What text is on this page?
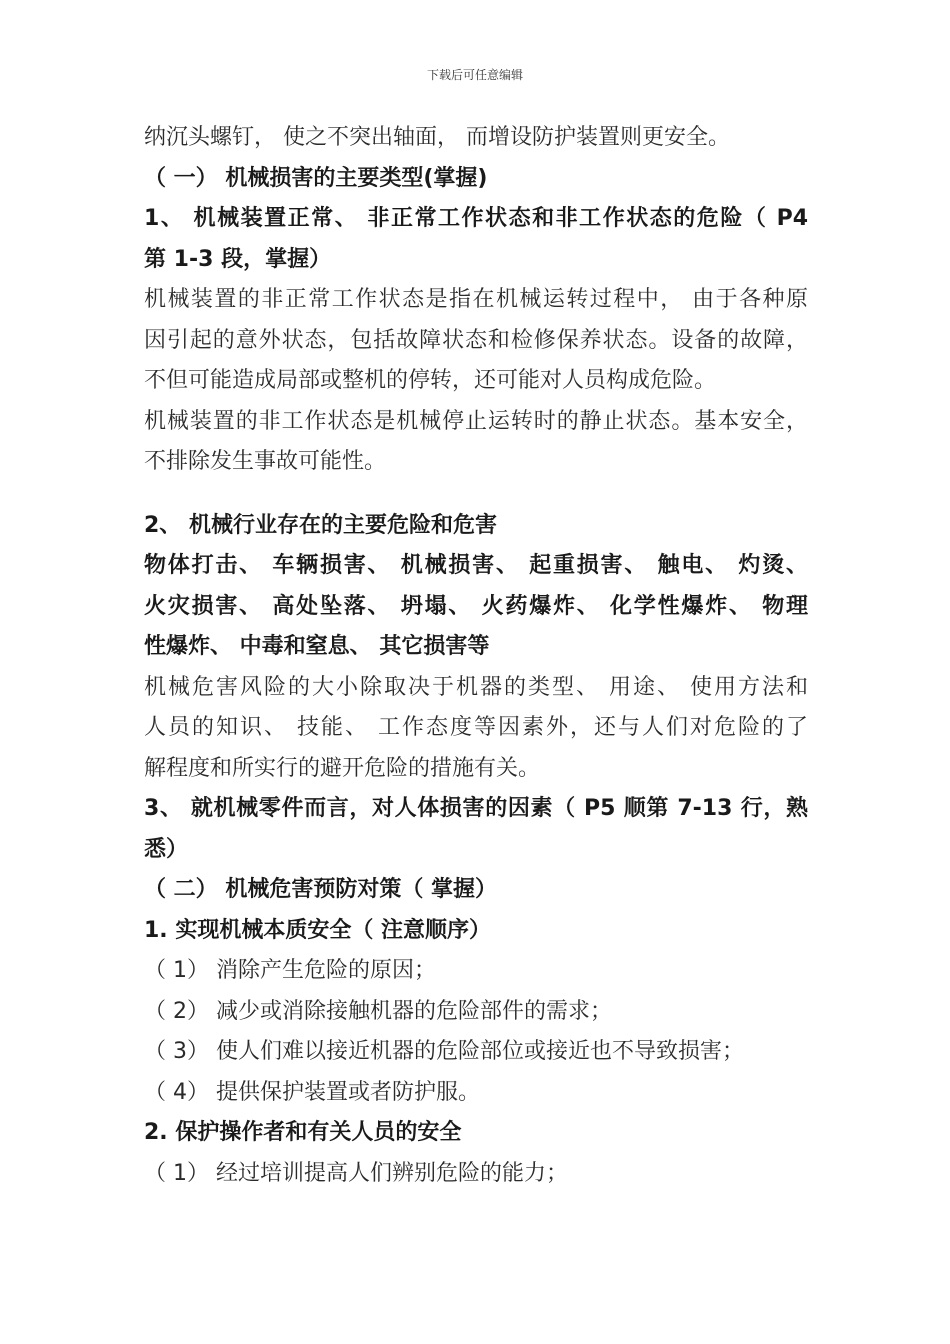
下载后可任意编辑
纳沉头螺钉， 使之不突出轴面， 而增设防护装置则更安全。
（ 一） 机械损害的主要类型(掌握)
1、 机械装置正常、 非正常工作状态和非工作状态的危险（ P4
第 1-3 段，掌握）
机械装置的非正常工作状态是指在机械运转过程中， 由于各种原
因引起的意外状态，包括故障状态和检修保养状态。设备的故障，
不但可能造成局部或整机的停转，还可能对人员构成危险。
机械装置的非工作状态是机械停止运转时的静止状态。基本安全，
不排除发生事故可能性。
2、 机械行业存在的主要危险和危害
物体打击、 车辆损害、 机械损害、 起重损害、 触电、 灼烫、
火灾损害、 高处坠落、 坍塌、 火药爆炸、 化学性爆炸、 物理
性爆炸、 中毒和窒息、 其它损害等
机械危害风险的大小除取决于机器的类型、 用途、 使用方法和
人员的知识、 技能、 工作态度等因素外，还与人们对危险的了
解程度和所实行的避开危险的措施有关。
3、 就机械零件而言，对人体损害的因素（ P5 顺第 7-13 行，熟
悉）
（ 二） 机械危害预防对策（ 掌握）
1. 实现机械本质安全（ 注意顺序）
（ 1） 消除产生危险的原因；
（ 2） 减少或消除接触机器的危险部件的需求；
（ 3） 使人们难以接近机器的危险部位或接近也不导致损害；
（ 4） 提供保护装置或者防护服。
2. 保护操作者和有关人员的安全
（ 1） 经过培训提高人们辨别危险的能力；
